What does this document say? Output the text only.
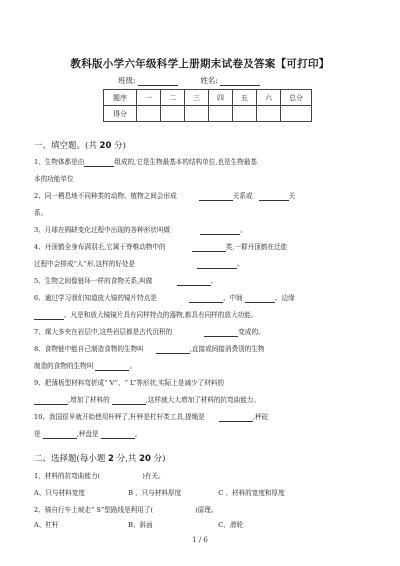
教科版小学六年级科学上册期末试卷及答案【可打印】
班级:	姓名:
题序	一	二	三	四	五	六	总分
得分							
一、填空题。(共 20 分)
1、生物体都是由	组成的,它是生物最基本的结构单位,也是生物最基
本的功能单位
2、同一栖息地不同种类的动物、植物之间会形成	关系或	关
系。
3、月球在圆缺变化过程中出现的各种形状叫做	。
4、丹顶鹤全身布满羽毛,它属于脊椎动物中的	类,一群丹顶鹤在迁徙
过程中会排成“人”形,这样的好处是	。
5、生物之间像链环一样的食物关系,叫做	。
6、通过学习我们知道放大镜的镜片特点是	、中间	、边缘
。凡是和放大镜镜片具有同样特点的器物,都具有同样的放大功能。
7、煤大多夹在岩层中,这些岩层都是古代沉积的	变成的。
8、食物链中能自己制造食物的生物叫	,直接或间接消费别的生物
制造的食物的生物叫	。
9、把薄板型材料弯折成“ V”、“ L”等形状,实际上是减少了材料的
,增加了材料的	,这样就大大增加了材料的抗弯曲能力。
10、我国很早就开始使用杆秤了,杆秤是杠杆类工具,提绳是	,秤砣
是	,秤盘是	。
二、选择题(每小题 2 分,共 20 分)
1、材料的抗弯曲能力(	)有关。
A、只与材料宽度	B 、只与材料厚度	C 、材料的宽度和厚度
2、骑自行车上坡走“ S”型路线是利用了(	)原理。
A、杠杆	B、斜面	C、滑轮
1 / 6
